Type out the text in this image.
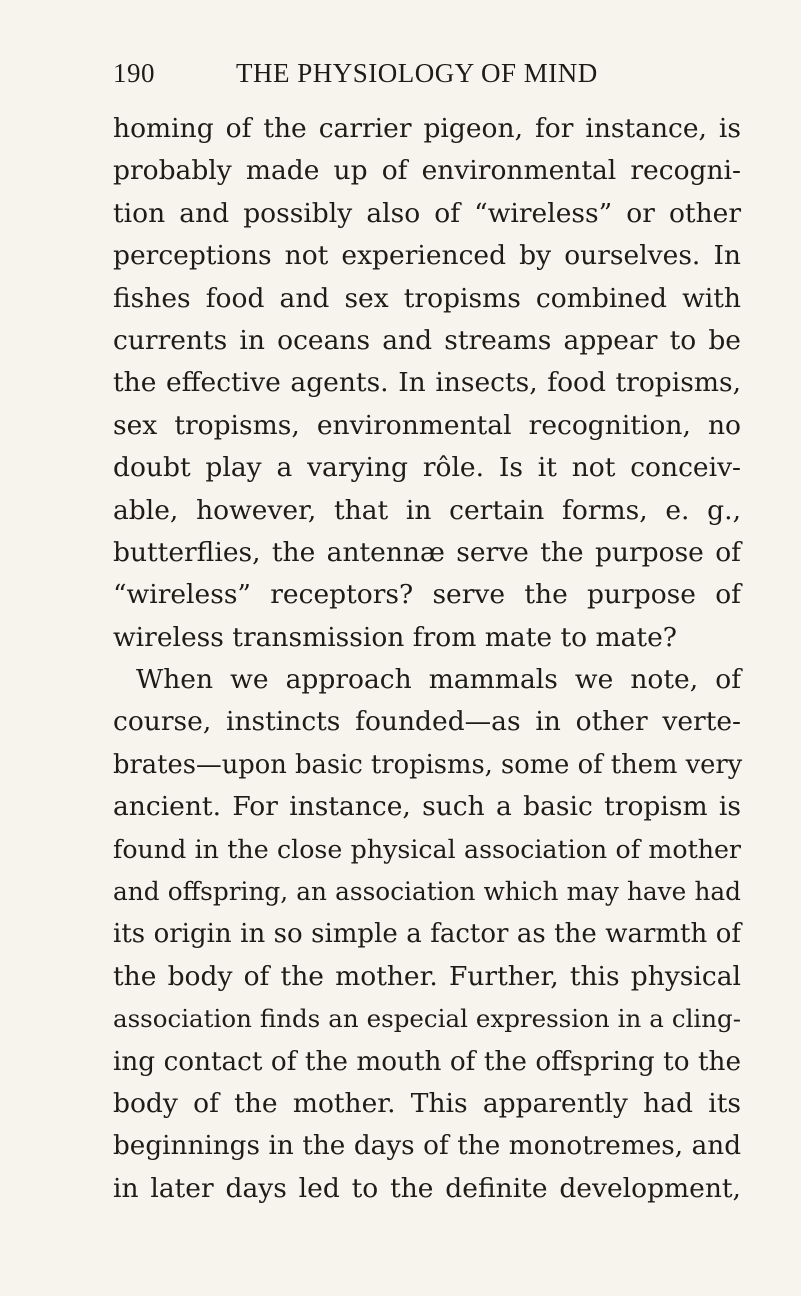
190	THE PHYSIOLOGY OF MIND
homing of the carrier pigeon, for instance, is
probably made up of environmental recogni-
tion and possibly also of “wireless” or other
perceptions not experienced by ourselves. In
fishes food and sex tropisms combined with
currents in oceans and streams appear to be
the effective agents. In insects, food tropisms,
sex tropisms, environmental recognition, no
doubt play a varying rôle. Is it not conceiv-
able, however, that in certain forms, e. g.,
butterflies, the antennæ serve the purpose of
“wireless” receptors? serve the purpose of
wireless transmission from mate to mate?
When we approach mammals we note, of
course, instincts founded—as in other verte-
brates—upon basic tropisms, some of them very
ancient. For instance, such a basic tropism is
found in the close physical association of mother
and offspring, an association which may have had
its origin in so simple a factor as the warmth of
the body of the mother. Further, this physical
association finds an especial expression in a cling-
ing contact of the mouth of the offspring to the
body of the mother. This apparently had its
beginnings in the days of the monotremes, and
in later days led to the definite development,
